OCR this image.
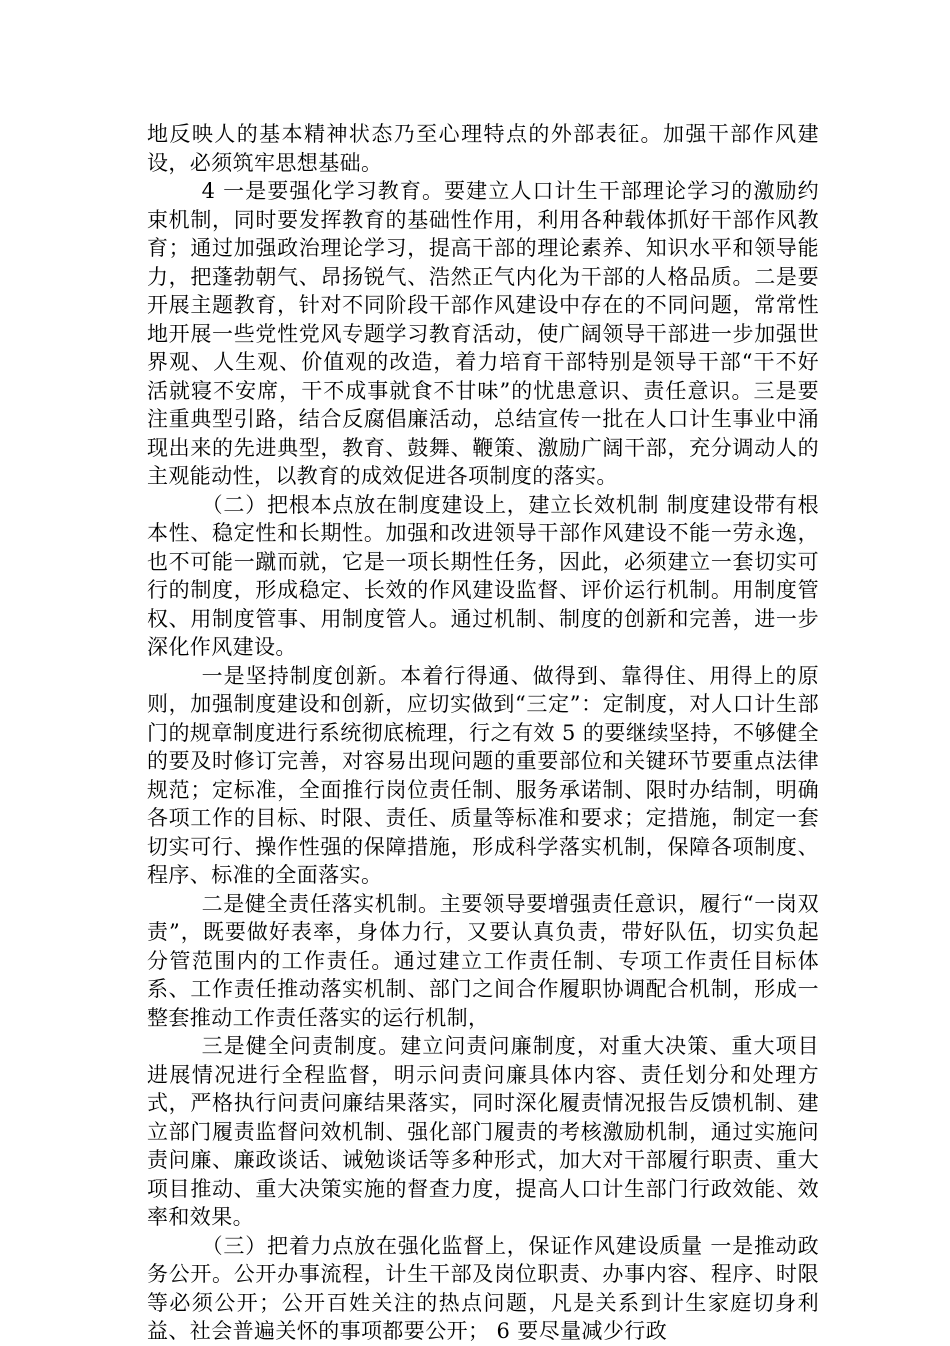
地反映人的基本精神状态乃至心理特点的外部表征。加强干部作风建设，必须筑牢思想基础。

4 一是要强化学习教育。要建立人口计生干部理论学习的激励约束机制，同时要发挥教育的基础性作用，利用各种载体抓好干部作风教育；通过加强政治理论学习，提高干部的理论素养、知识水平和领导能力，把蓬勃朝气、昂扬锐气、浩然正气内化为干部的人格品质。二是要开展主题教育，针对不同阶段干部作风建设中存在的不同问题，常常性地开展一些党性党风专题学习教育活动，使广阔领导干部进一步加强世界观、人生观、价值观的改造，着力培育干部特别是领导干部“干不好活就寝不安席，干不成事就食不甘味”的忧患意识、责任意识。三是要注重典型引路，结合反腐倡廉活动，总结宣传一批在人口计生事业中涌现出来的先进典型，教育、鼓舞、鞭策、激励广阔干部，充分调动人的主观能动性，以教育的成效促进各项制度的落实。

（二）把根本点放在制度建设上，建立长效机制 制度建设带有根本性、稳定性和长期性。加强和改进领导干部作风建设不能一劳永逸，也不可能一蹴而就，它是一项长期性任务，因此，必须建立一套切实可行的制度，形成稳定、长效的作风建设监督、评价运行机制。用制度管权、用制度管事、用制度管人。通过机制、制度的创新和完善，进一步深化作风建设。

一是坚持制度创新。本着行得通、做得到、靠得住、用得上的原则，加强制度建设和创新，应切实做到“三定”：定制度，对人口计生部门的规章制度进行系统彻底梳理，行之有效 5 的要继续坚持，不够健全的要及时修订完善，对容易出现问题的重要部位和关键环节要重点法律规范；定标准，全面推行岗位责任制、服务承诺制、限时办结制，明确各项工作的目标、时限、责任、质量等标准和要求；定措施，制定一套切实可行、操作性强的保障措施，形成科学落实机制，保障各项制度、程序、标准的全面落实。

二是健全责任落实机制。主要领导要增强责任意识，履行“一岗双责”，既要做好表率，身体力行，又要认真负责，带好队伍，切实负起分管范围内的工作责任。通过建立工作责任制、专项工作责任目标体系、工作责任推动落实机制、部门之间合作履职协调配合机制，形成一整套推动工作责任落实的运行机制，

三是健全问责制度。建立问责问廉制度，对重大决策、重大项目进展情况进行全程监督，明示问责问廉具体内容、责任划分和处理方式，严格执行问责问廉结果落实，同时深化履责情况报告反馈机制、建立部门履责监督问效机制、强化部门履责的考核激励机制，通过实施问责问廉、廉政谈话、诫勉谈话等多种形式，加大对干部履行职责、重大项目推动、重大决策实施的督查力度，提高人口计生部门行政效能、效率和效果。

（三）把着力点放在强化监督上，保证作风建设质量 一是推动政务公开。公开办事流程，计生干部及岗位职责、办事内容、程序、时限等必须公开；公开百姓关注的热点问题，凡是关系到计生家庭切身利益、社会普遍关怀的事项都要公开； 6 要尽量减少行政
